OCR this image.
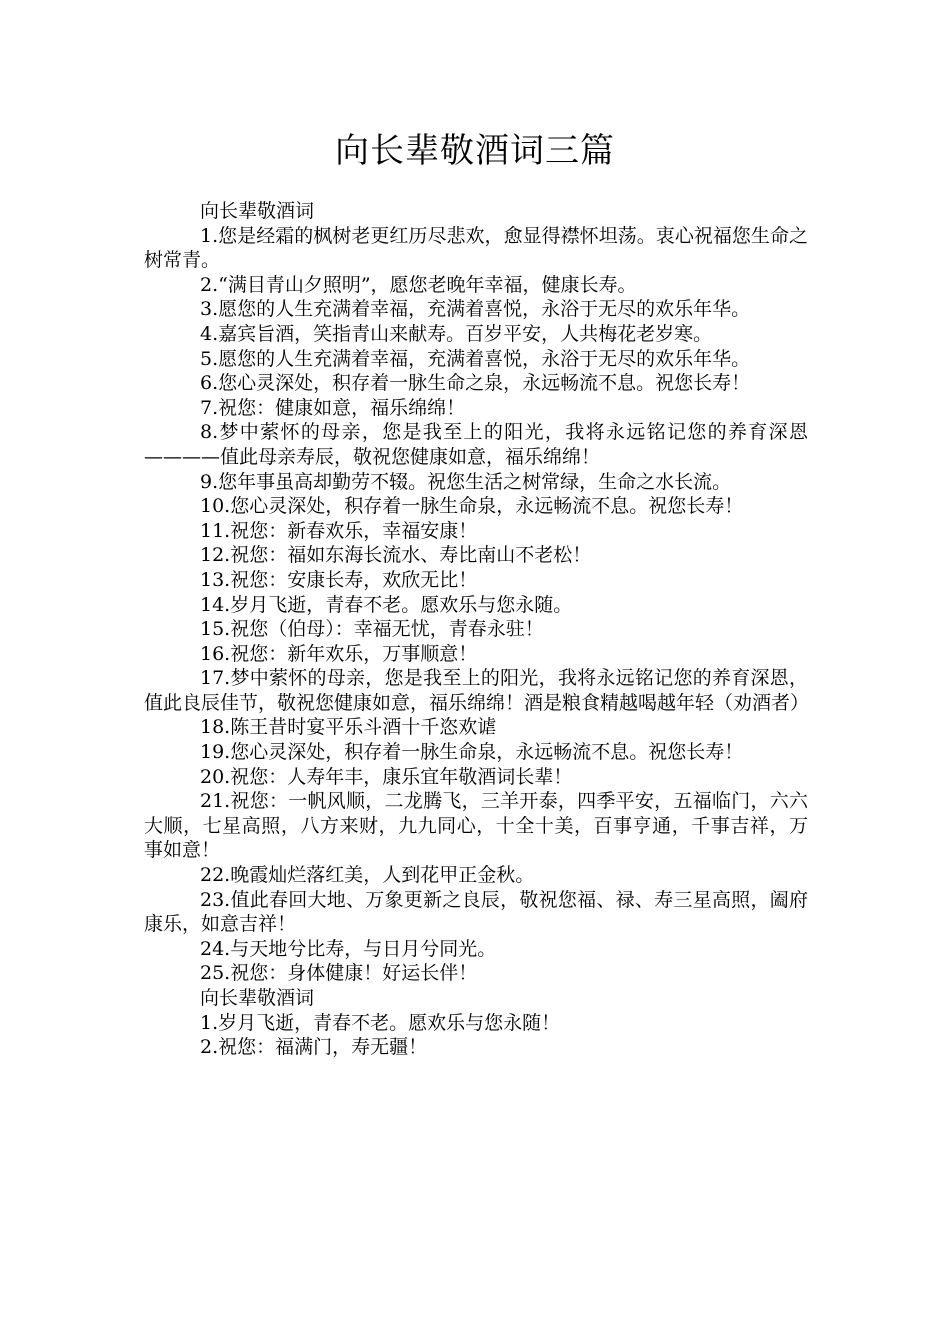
向长辈敬酒词三篇

向长辈敬酒词

1.您是经霜的枫树老更红历尽悲欢，愈显得襟怀坦荡。衷心祝福您生命之树常青。

2.“满目青山夕照明”，愿您老晚年幸福，健康长寿。

3.愿您的人生充满着幸福，充满着喜悦，永浴于无尽的欢乐年华。

4.嘉宾旨酒，笑指青山来献寿。百岁平安，人共梅花老岁寒。

5.愿您的人生充满着幸福，充满着喜悦，永浴于无尽的欢乐年华。

6.您心灵深处，积存着一脉生命之泉，永远畅流不息。祝您长寿！

7.祝您：健康如意，福乐绵绵！

8.梦中萦怀的母亲，您是我至上的阳光，我将永远铭记您的养育深恩————值此母亲寿辰，敬祝您健康如意，福乐绵绵！

9.您年事虽高却勤劳不辍。祝您生活之树常绿，生命之水长流。

10.您心灵深处，积存着一脉生命泉，永远畅流不息。祝您长寿！

11.祝您：新春欢乐，幸福安康！

12.祝您：福如东海长流水、寿比南山不老松！

13.祝您：安康长寿，欢欣无比！

14.岁月飞逝，青春不老。愿欢乐与您永随。

15.祝您（伯母）：幸福无忧，青春永驻！

16.祝您：新年欢乐，万事顺意！

17.梦中萦怀的母亲，您是我至上的阳光，我将永远铭记您的养育深恩，值此良辰佳节，敬祝您健康如意，福乐绵绵！酒是粮食精越喝越年轻（劝酒者）

18.陈王昔时宴平乐斗酒十千恣欢谑

19.您心灵深处，积存着一脉生命泉，永远畅流不息。祝您长寿！

20.祝您：人寿年丰，康乐宜年敬酒词长辈！

21.祝您：一帆风顺，二龙腾飞，三羊开泰，四季平安，五福临门，六六大顺，七星高照，八方来财，九九同心，十全十美，百事亨通，千事吉祥，万事如意！

22.晚霞灿烂落红美，人到花甲正金秋。

23.值此春回大地、万象更新之良辰，敬祝您福、禄、寿三星高照，阖府康乐，如意吉祥！

24.与天地兮比寿，与日月兮同光。

25.祝您：身体健康！好运长伴！

向长辈敬酒词

1.岁月飞逝，青春不老。愿欢乐与您永随！

2.祝您：福满门，寿无疆！
